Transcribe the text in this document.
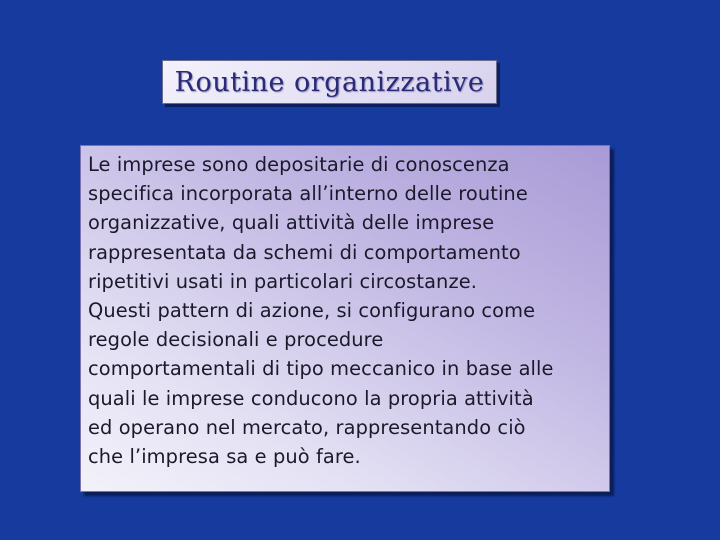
Routine organizzative

Le imprese sono depositarie di conoscenza
specifica incorporata all’interno delle routine
organizzative, quali attività delle imprese
rappresentata da schemi di comportamento
ripetitivi usati in particolari circostanze.
Questi pattern di azione, si configurano come
regole decisionali e procedure
comportamentali di tipo meccanico in base alle
quali le imprese conducono la propria attività
ed operano nel mercato, rappresentando ciò
che l’impresa sa e può fare.
